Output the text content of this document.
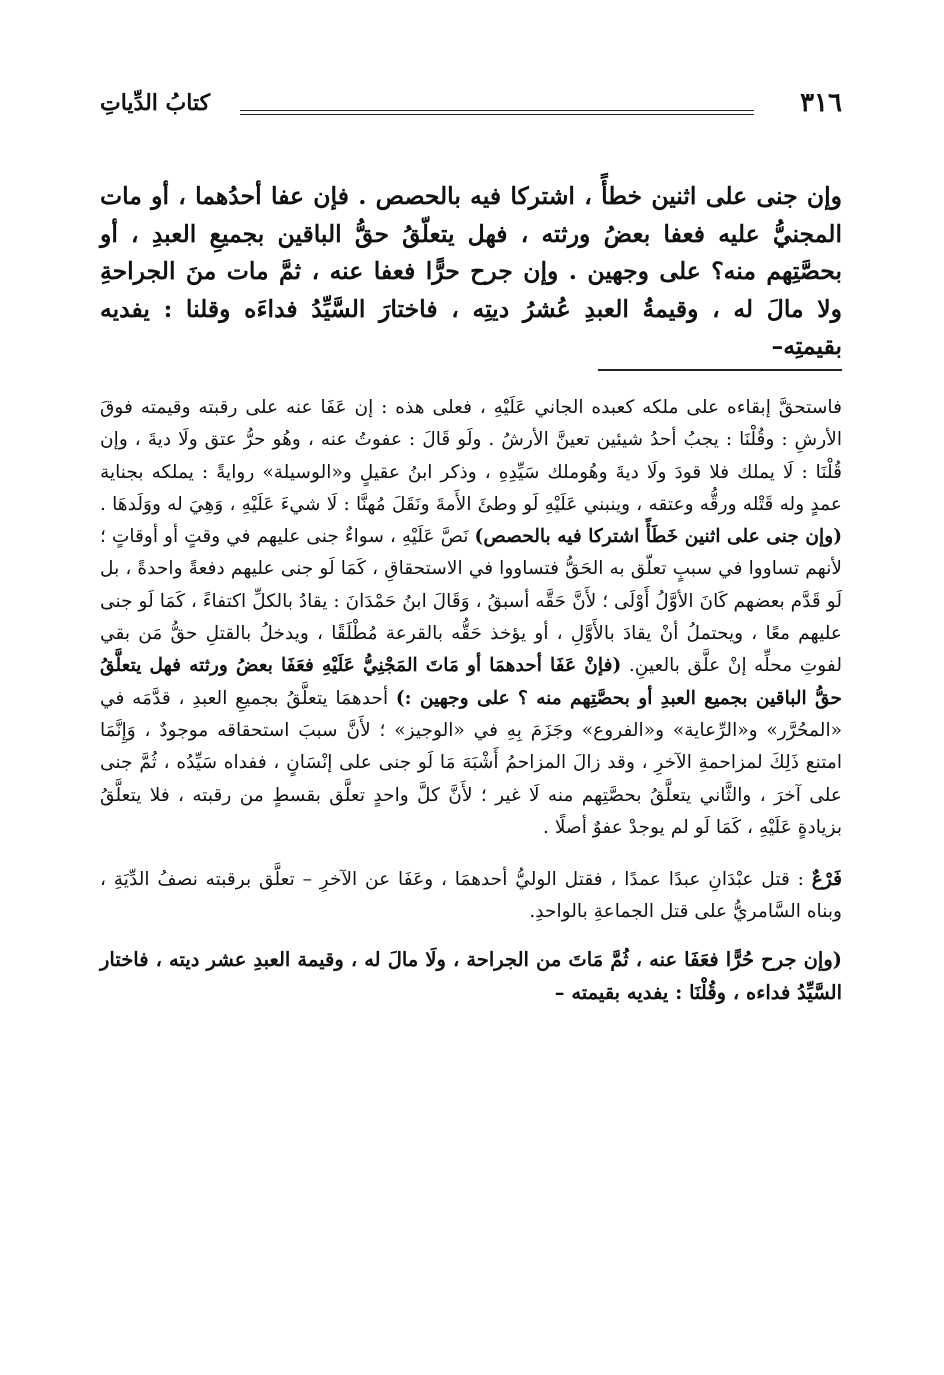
٣١٦
كتابُ الدِّياتِ
وإن جنى على اثنين خطأً ، اشتركا فيه بالحصص . فإن عفا أحدُهما ، أو مات المجنيُّ عليه فعفا بعضُ ورثته ، فهل يتعلّقُ حقُّ الباقين بجميعِ العبدِ ، أو بحصَّتِهم منه؟ على وجهين . وإن جرح حرًّا فعفا عنه ، ثمَّ مات منَ الجراحةِ ولا مالَ له ، وقيمةُ العبدِ عُشرُ ديتِه ، فاختارَ السَّيِّدُ فداءَه وقلنا : يفديه بقيمتِه–

فاستحقَّ إبقاءه على ملكه كعبده الجاني عَلَيْهِ ، فعلى هذه : إن عَفَا عنه على رقبته وقيمته فوقَ الأرشِ : وقُلْنَا : يجبُ أحدُ شيئين تعينَّ الأرشُ . ولَو قَالَ : عفوتُ عنه ، وهُو حرُّ عتق ولَا ديةَ ، وإن قُلْنَا : لَا يملك فلا قودَ ولَا ديةَ وهُوملك سَيِّدِهِ ، وذكر ابنُ عقيلٍ و«الوسيلة» روايةً : يملكه بجناية عمدٍ وله قَتْله ورقُّه وعتقه ، وينبني عَلَيْهِ لَو وطئَ الأَمةَ ونَقَلَ مُهنَّا : لَا شيءَ عَلَيْهِ ، وَهِيَ له ووَلَدهَا . (وإن جنى على اثنين خَطَأً اشتركا فيه بالحصص) نَصَّ عَلَيْهِ ، سواءٌ جنى عليهم في وقتٍ أو أوقاتٍ ؛ لأنهم تساووا في سببٍ تعلّق به الحَقُّ فتساووا في الاستحقاقِ ، كَمَا لَو جنى عليهم دفعةً واحدةً ، بل لَو قَدَّم بعضهم كَانَ الأوَّلُ أَوْلَى ؛ لأَنَّ حَقَّه أسبقُ ، وَقَالَ ابنُ حَمْدَانَ : يقادُ بالكلِّ اكتفاءً ، كَمَا لَو جنى عليهم معًا ، ويحتملُ أنْ يقادَ بالأَوَّلِ ، أو يؤخذ حَقُّه بالقرعة مُطْلَقًا ، ويدخلُ بالقتلِ حقُّ مَن بقي لفوتِ محلِّه إنْ علَّق بالعينِ. (فإنْ عَفَا أحدهمَا أو مَاتَ المَجْنِيُّ عَلَيْهِ فعَفَا بعضُ ورثته فهل يتعلَّقُ حقُّ الباقين بجميع العبدِ أو بحصَّتِهم منه ؟ على وجهين :) أحدهمَا يتعلَّقُ بجميعِ العبدِ ، قدَّمَه في «المحُرَّر» و«الرِّعاية» و«الفروع» وجَزَمَ بِهِ في «الوجيز» ؛ لأَنَّ سببَ استحقاقه موجودٌ ، وَإِنَّمَا امتنع ذَلِكَ لمزاحمةِ الآخرِ ، وقد زالَ المزاحمُ أَشْبَهَ مَا لَو جنى على إنْسَانٍ ، ففداه سَيِّدُه ، ثُمَّ جنى على آخرَ ، والثَّاني يتعلَّقُ بحصَّتِهم منه لَا غير ؛ لأَنَّ كلَّ واحدٍ تعلَّق بقسطٍ من رقبته ، فلا يتعلَّقُ بزيادةٍ عَلَيْهِ ، كَمَا لَو لم يوجدْ عفوٌ أصلًا .

فَرْعٌ : قتل عبْدَانِ عبدًا عمدًا ، فقتل الوليُّ أحدهمَا ، وعَفَا عن الآخرِ – تعلَّق برقبته نصفُ الدِّيَةِ ، وبناه السَّامريُّ على قتل الجماعةِ بالواحدِ.

(وإن جرح حُرًّا فعَفَا عنه ، ثُمَّ مَاتَ من الجراحة ، ولَا مالَ له ، وقيمة العبدِ عشر ديته ، فاختار السَّيِّدُ فداءه ، وقُلْنَا : يفديه بقيمته –
